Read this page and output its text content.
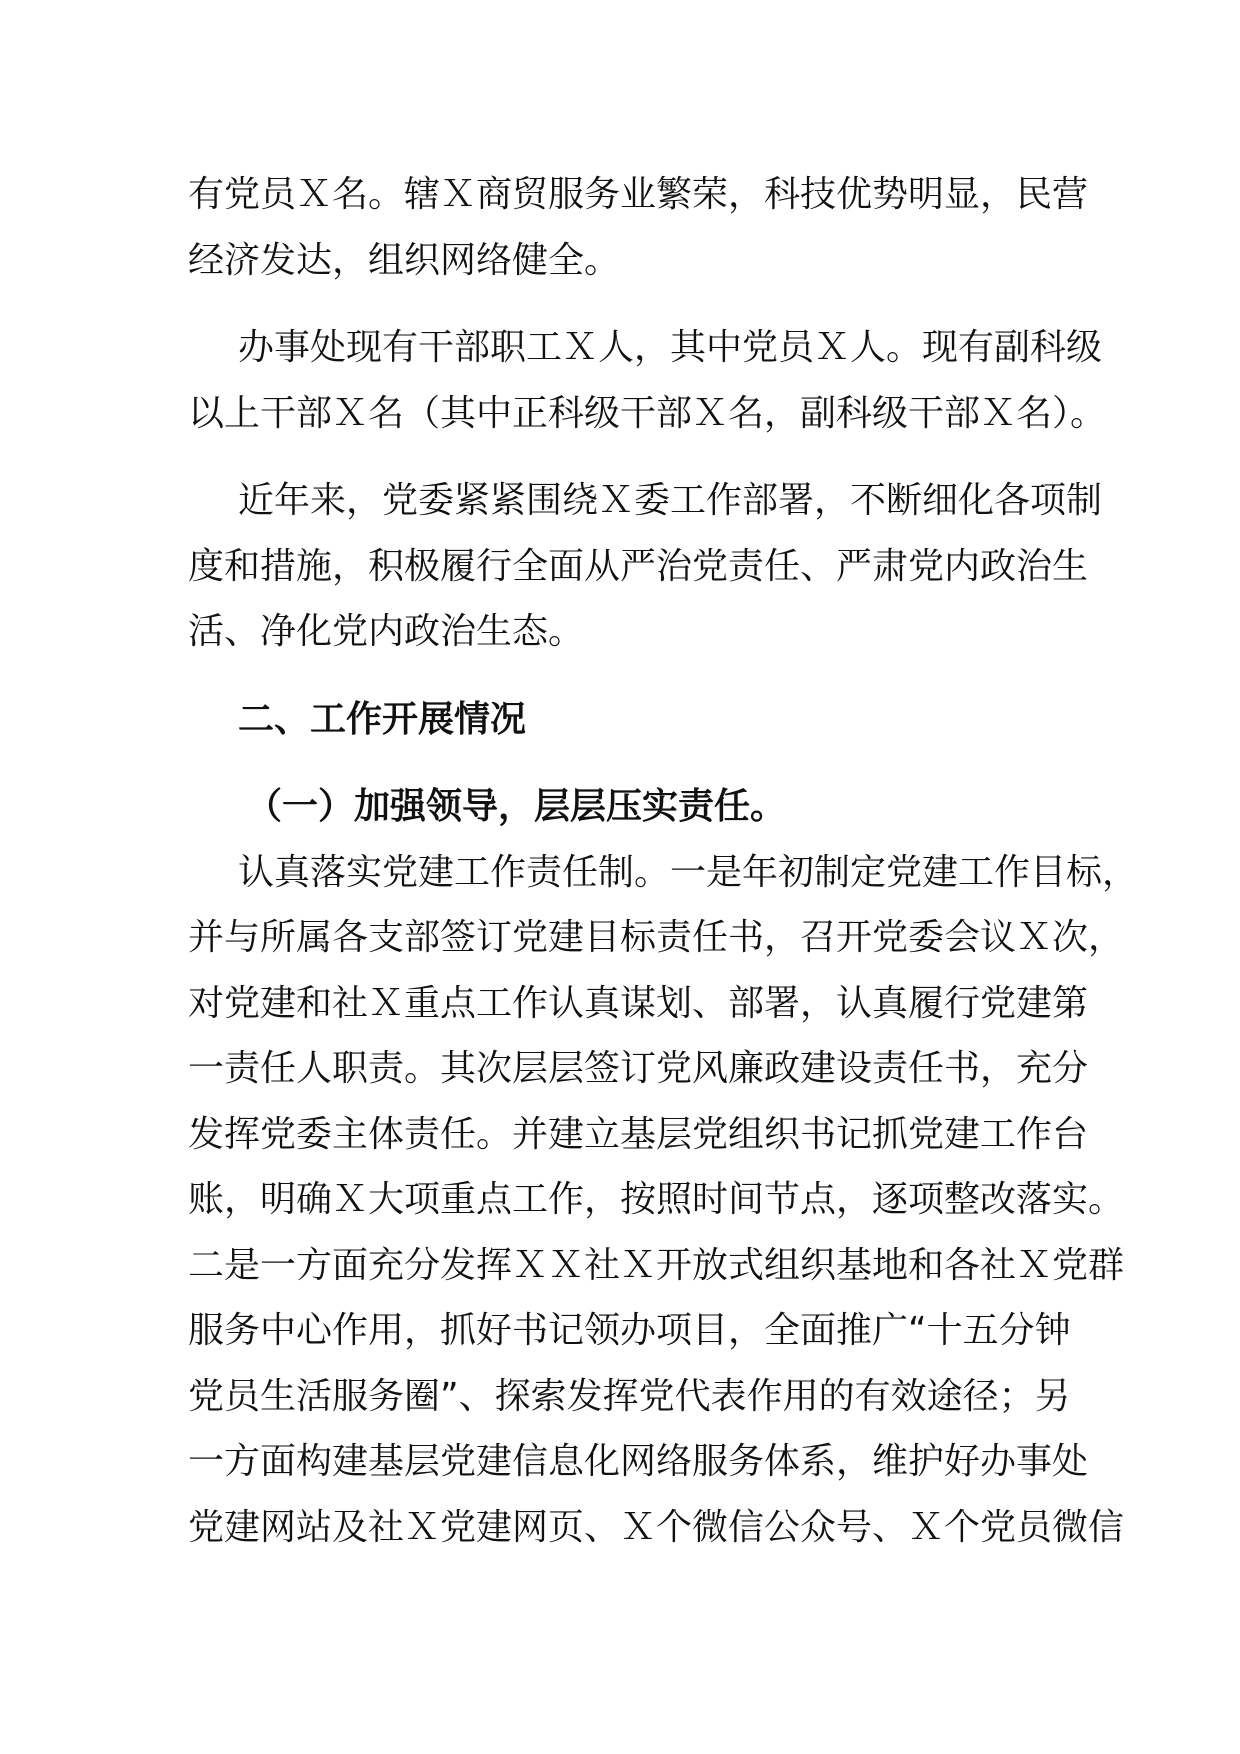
有党员Ｘ名。辖Ｘ商贸服务业繁荣，科技优势明显，民营
经济发达，组织网络健全。

办事处现有干部职工Ｘ人，其中党员Ｘ人。现有副科级
以上干部Ｘ名（其中正科级干部Ｘ名，副科级干部Ｘ名）。

近年来，党委紧紧围绕Ｘ委工作部署，不断细化各项制
度和措施，积极履行全面从严治党责任、严肃党内政治生
活、净化党内政治生态。

二、工作开展情况
（一）加强领导，层层压实责任。

认真落实党建工作责任制。一是年初制定党建工作目标，
并与所属各支部签订党建目标责任书，召开党委会议Ｘ次，
对党建和社Ｘ重点工作认真谋划、部署，认真履行党建第
一责任人职责。其次层层签订党风廉政建设责任书，充分
发挥党委主体责任。并建立基层党组织书记抓党建工作台
账，明确Ｘ大项重点工作，按照时间节点，逐项整改落实。
二是一方面充分发挥ＸＸ社Ｘ开放式组织基地和各社Ｘ党群
服务中心作用，抓好书记领办项目，全面推广“十五分钟
党员生活服务圈”、探索发挥党代表作用的有效途径；另
一方面构建基层党建信息化网络服务体系，维护好办事处
党建网站及社Ｘ党建网页、Ｘ个微信公众号、Ｘ个党员微信
